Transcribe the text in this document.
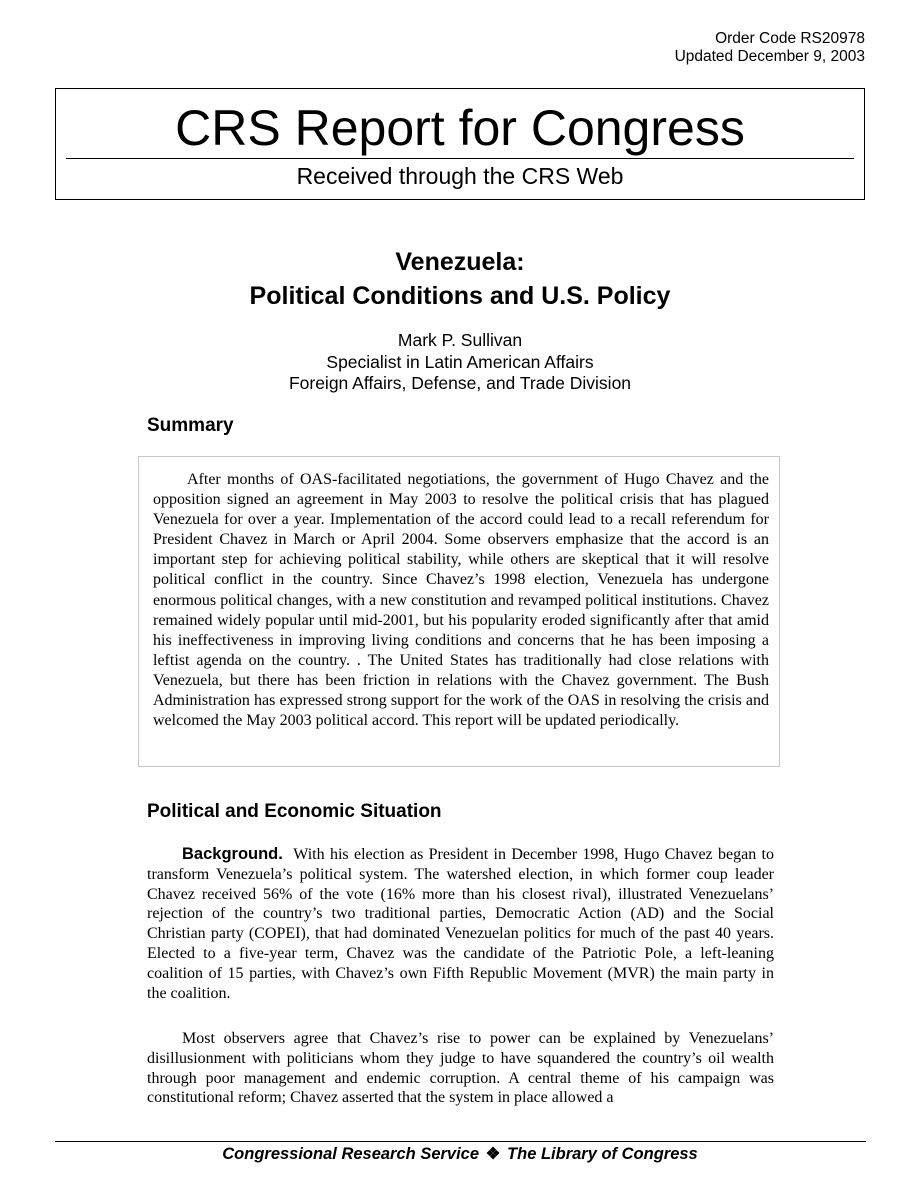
Order Code RS20978
Updated December 9, 2003
CRS Report for Congress
Received through the CRS Web
Venezuela:
Political Conditions and U.S. Policy
Mark P. Sullivan
Specialist in Latin American Affairs
Foreign Affairs, Defense, and Trade Division
Summary

After months of OAS-facilitated negotiations, the government of Hugo Chavez and the opposition signed an agreement in May 2003 to resolve the political crisis that has plagued Venezuela for over a year. Implementation of the accord could lead to a recall referendum for President Chavez in March or April 2004. Some observers emphasize that the accord is an important step for achieving political stability, while others are skeptical that it will resolve political conflict in the country. Since Chavez’s 1998 election, Venezuela has undergone enormous political changes, with a new constitution and revamped political institutions. Chavez remained widely popular until mid-2001, but his popularity eroded significantly after that amid his ineffectiveness in improving living conditions and concerns that he has been imposing a leftist agenda on the country. . The United States has traditionally had close relations with Venezuela, but there has been friction in relations with the Chavez government. The Bush Administration has expressed strong support for the work of the OAS in resolving the crisis and welcomed the May 2003 political accord. This report will be updated periodically.

Political and Economic Situation

Background. With his election as President in December 1998, Hugo Chavez began to transform Venezuela’s political system. The watershed election, in which former coup leader Chavez received 56% of the vote (16% more than his closest rival), illustrated Venezuelans’ rejection of the country’s two traditional parties, Democratic Action (AD) and the Social Christian party (COPEI), that had dominated Venezuelan politics for much of the past 40 years. Elected to a five-year term, Chavez was the candidate of the Patriotic Pole, a left-leaning coalition of 15 parties, with Chavez’s own Fifth Republic Movement (MVR) the main party in the coalition.

Most observers agree that Chavez’s rise to power can be explained by Venezuelans’ disillusionment with politicians whom they judge to have squandered the country’s oil wealth through poor management and endemic corruption. A central theme of his campaign was constitutional reform; Chavez asserted that the system in place allowed a

Congressional Research Service ❖ The Library of Congress
